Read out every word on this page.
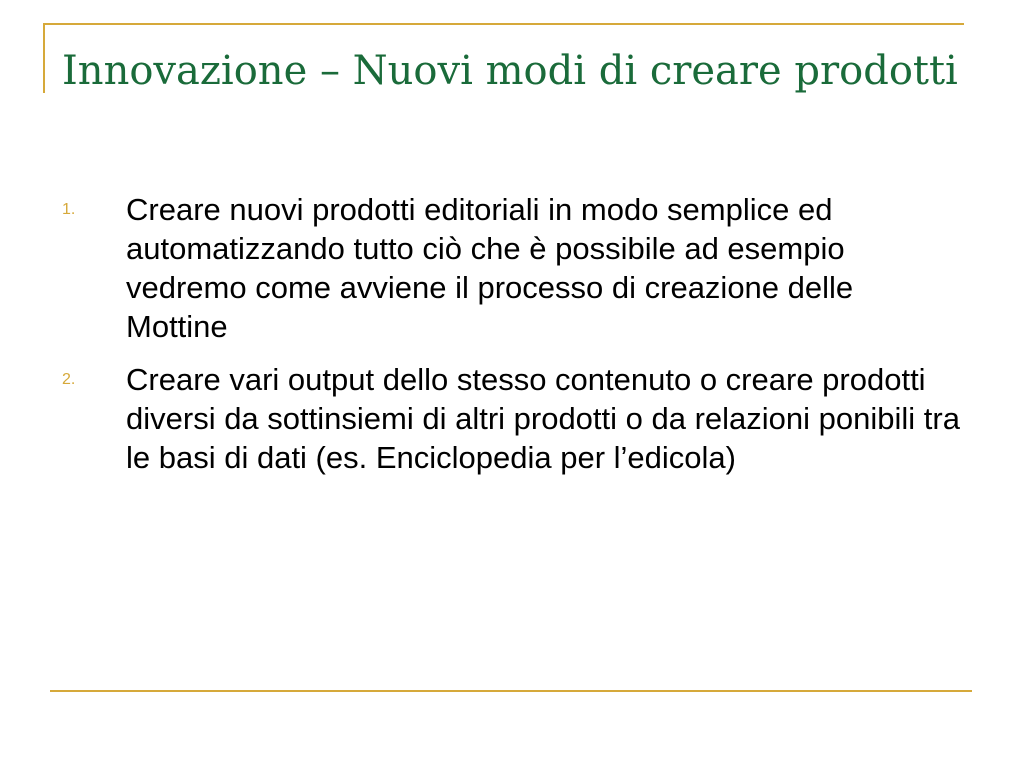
Innovazione – Nuovi modi di creare prodotti
1. Creare nuovi prodotti editoriali in modo semplice ed automatizzando tutto ciò che è possibile ad esempio vedremo come avviene il processo di creazione delle Mottine
2. Creare vari output dello stesso contenuto o creare prodotti diversi da sottinsiemi di altri prodotti o da relazioni ponibili tra le basi di dati (es. Enciclopedia per l’edicola)
